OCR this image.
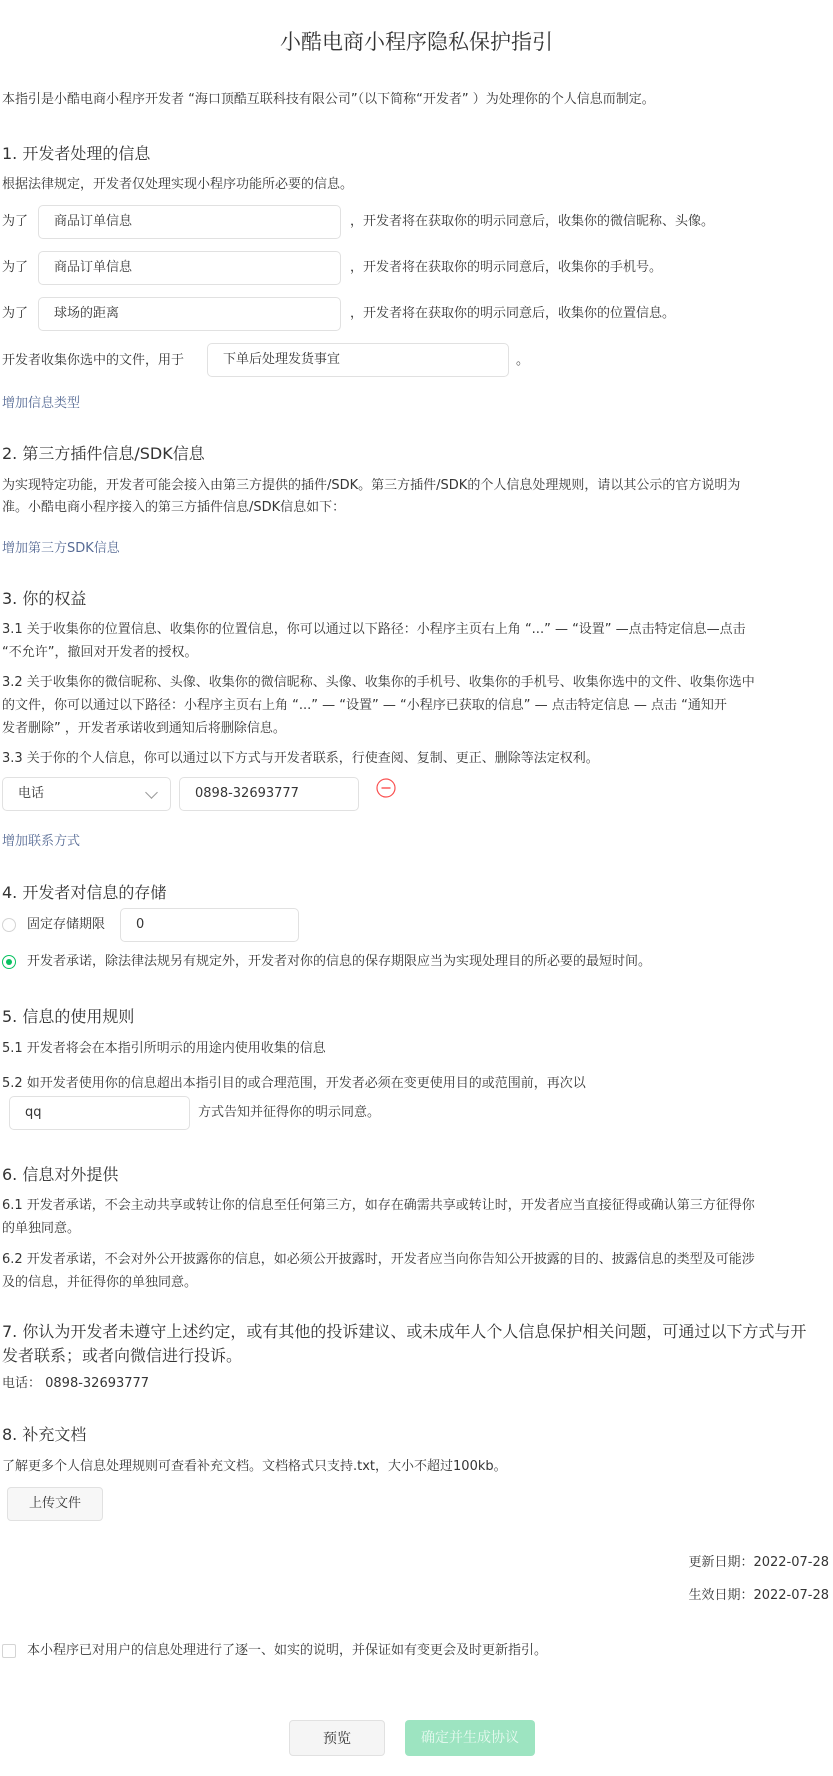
小酷电商小程序隐私保护指引
本指引是小酷电商小程序开发者 “海口顶酷互联科技有限公司”（以下简称“开发者” ）为处理你的个人信息而制定。
1. 开发者处理的信息
根据法律规定，开发者仅处理实现小程序功能所必要的信息。
为了	商品订单信息	，开发者将在获取你的明示同意后，收集你的微信昵称、头像。
为了	商品订单信息	，开发者将在获取你的明示同意后，收集你的手机号。
为了	球场的距离	，开发者将在获取你的明示同意后，收集你的位置信息。
开发者收集你选中的文件，用于	下单后处理发货事宜	。
增加信息类型
2. 第三方插件信息/SDK信息
为实现特定功能，开发者可能会接入由第三方提供的插件/SDK。第三方插件/SDK的个人信息处理规则，请以其公示的官方说明为
准。小酷电商小程序接入的第三方插件信息/SDK信息如下：
增加第三方SDK信息
3. 你的权益
3.1 关于收集你的位置信息、收集你的位置信息，你可以通过以下路径：小程序主页右上角 “...” — “设置” —点击特定信息—点击
“不允许”，撤回对开发者的授权。
3.2 关于收集你的微信昵称、头像、收集你的微信昵称、头像、收集你的手机号、收集你的手机号、收集你选中的文件、收集你选中
的文件，你可以通过以下路径：小程序主页右上角 “...” — “设置” — “小程序已获取的信息” — 点击特定信息 — 点击 “通知开
发者删除” ，开发者承诺收到通知后将删除信息。
3.3 关于你的个人信息，你可以通过以下方式与开发者联系，行使查阅、复制、更正、删除等法定权利。
电话	0898-32693777
增加联系方式
4. 开发者对信息的存储
固定存储期限	0
开发者承诺，除法律法规另有规定外，开发者对你的信息的保存期限应当为实现处理目的所必要的最短时间。
5. 信息的使用规则
5.1 开发者将会在本指引所明示的用途内使用收集的信息
5.2 如开发者使用你的信息超出本指引目的或合理范围，开发者必须在变更使用目的或范围前，再次以
qq	方式告知并征得你的明示同意。
6. 信息对外提供
6.1 开发者承诺，不会主动共享或转让你的信息至任何第三方，如存在确需共享或转让时，开发者应当直接征得或确认第三方征得你
的单独同意。
6.2 开发者承诺，不会对外公开披露你的信息，如必须公开披露时，开发者应当向你告知公开披露的目的、披露信息的类型及可能涉
及的信息，并征得你的单独同意。
7. 你认为开发者未遵守上述约定，或有其他的投诉建议、或未成年人个人信息保护相关问题，可通过以下方式与开
发者联系；或者向微信进行投诉。
电话： 0898-32693777
8. 补充文档
了解更多个人信息处理规则可查看补充文档。文档格式只支持.txt，大小不超过100kb。
上传文件
更新日期：2022-07-28
生效日期：2022-07-28
本小程序已对用户的信息处理进行了逐一、如实的说明，并保证如有变更会及时更新指引。
预览	确定并生成协议
